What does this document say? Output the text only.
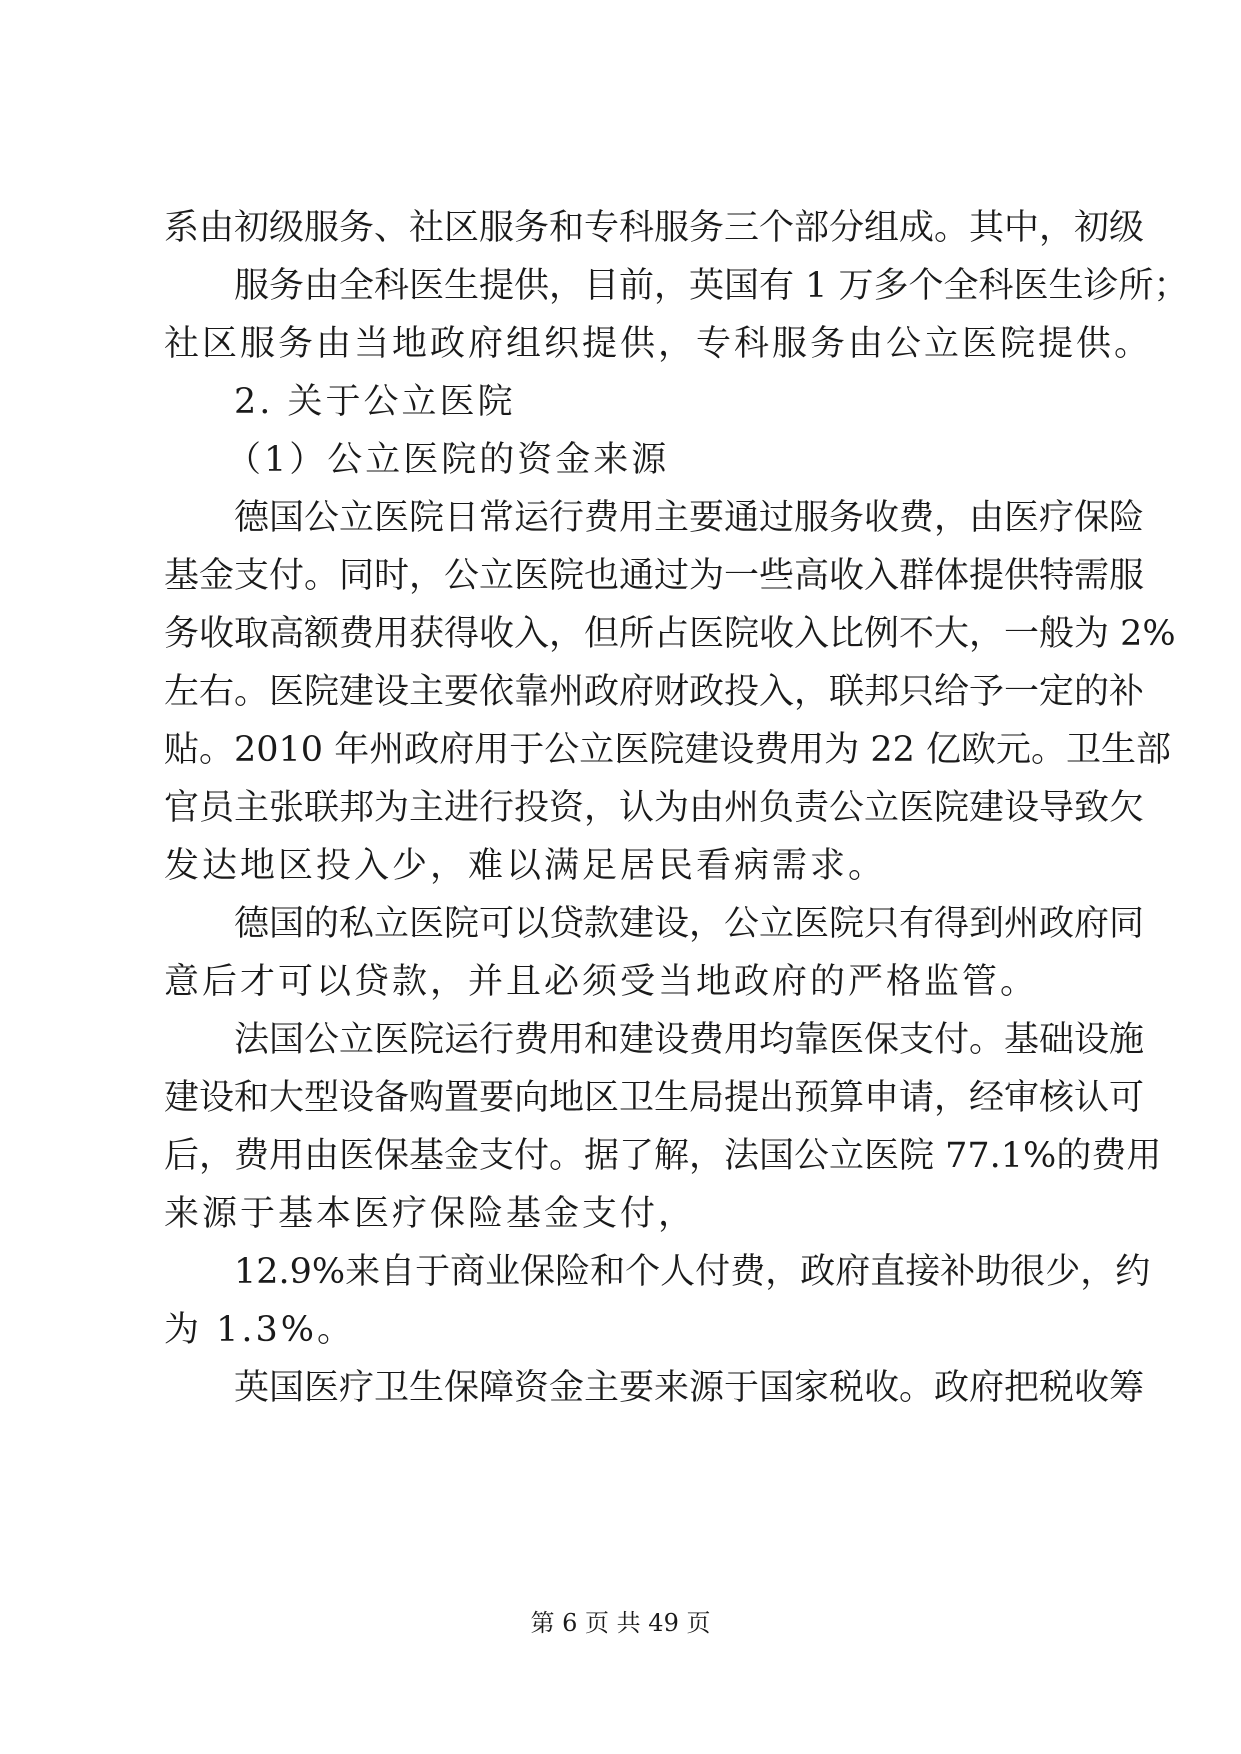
系由初级服务、社区服务和专科服务三个部分组成。其中，初级
服务由全科医生提供，目前，英国有 1 万多个全科医生诊所；
社区服务由当地政府组织提供，专科服务由公立医院提供。
2. 关于公立医院
（1）公立医院的资金来源
德国公立医院日常运行费用主要通过服务收费，由医疗保险
基金支付。同时，公立医院也通过为一些高收入群体提供特需服
务收取高额费用获得收入，但所占医院收入比例不大，一般为 2%
左右。医院建设主要依靠州政府财政投入，联邦只给予一定的补
贴。2010 年州政府用于公立医院建设费用为 22 亿欧元。卫生部
官员主张联邦为主进行投资，认为由州负责公立医院建设导致欠
发达地区投入少，难以满足居民看病需求。
德国的私立医院可以贷款建设，公立医院只有得到州政府同
意后才可以贷款，并且必须受当地政府的严格监管。
法国公立医院运行费用和建设费用均靠医保支付。基础设施
建设和大型设备购置要向地区卫生局提出预算申请，经审核认可
后，费用由医保基金支付。据了解，法国公立医院 77.1%的费用
来源于基本医疗保险基金支付，
12.9%来自于商业保险和个人付费，政府直接补助很少，约
为 1.3%。
英国医疗卫生保障资金主要来源于国家税收。政府把税收筹
第 6 页 共 49 页
